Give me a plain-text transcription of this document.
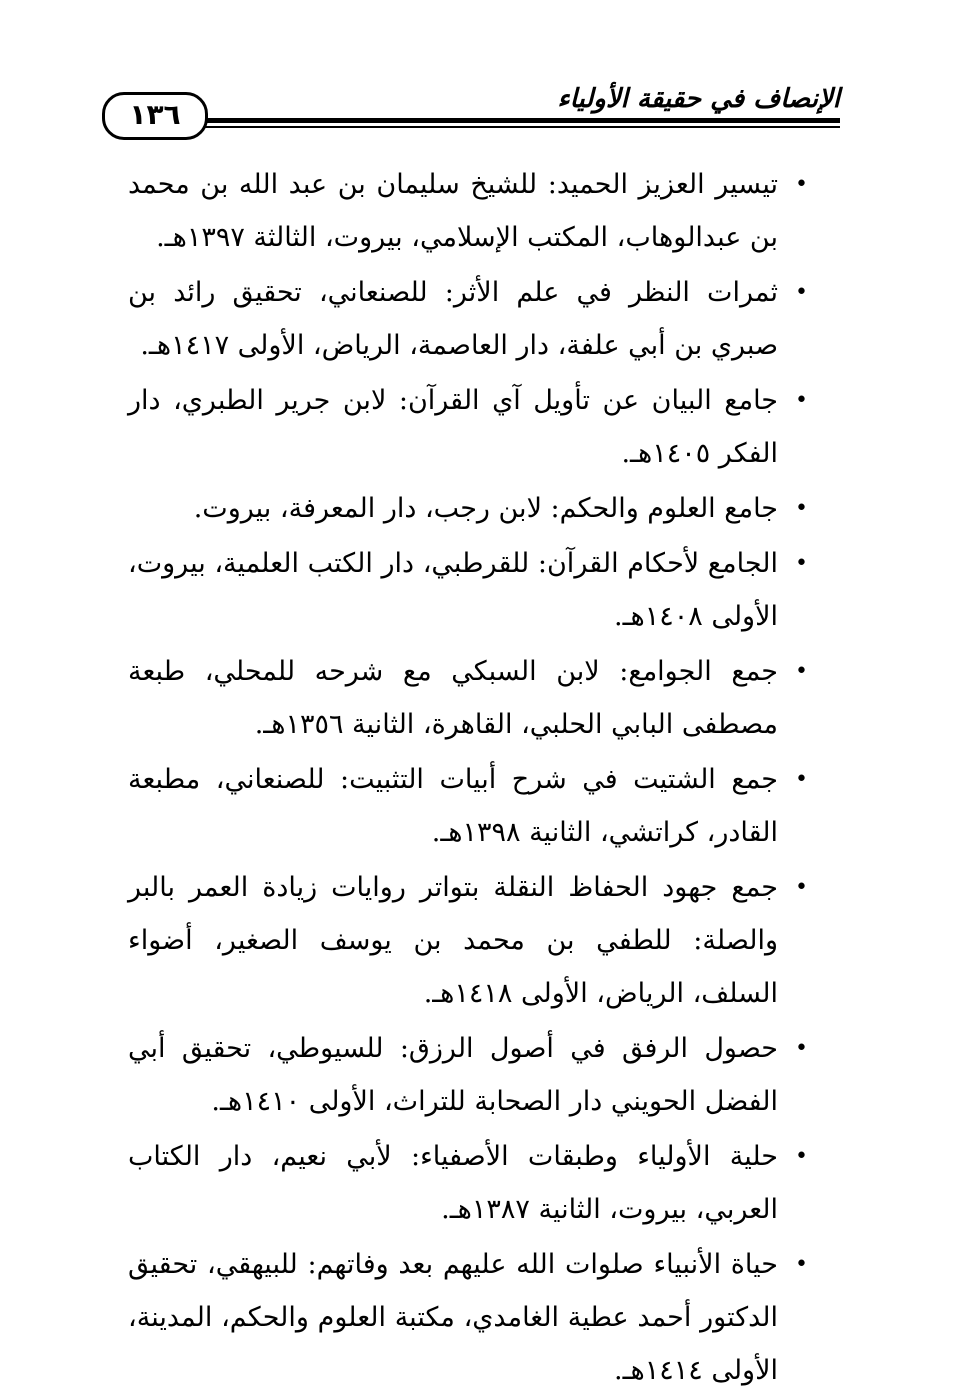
الإنصاف في حقيقة الأولياء
١٣٦
•
تيسير العزيز الحميد: للشيخ سليمان بن عبد الله بن محمد بن عبدالوهاب، المكتب الإسلامي، بيروت، الثالثة ١٣٩٧هـ.
•
ثمرات النظر في علم الأثر: للصنعاني، تحقيق رائد بن صبري بن أبي علفة، دار العاصمة، الرياض، الأولى ١٤١٧هـ.
•
جامع البيان عن تأويل آي القرآن: لابن جرير الطبري، دار الفكر ١٤٠٥هـ.
•
جامع العلوم والحكم: لابن رجب، دار المعرفة، بيروت.
•
الجامع لأحكام القرآن: للقرطبي، دار الكتب العلمية، بيروت، الأولى ١٤٠٨هـ.
•
جمع الجوامع: لابن السبكي مع شرحه للمحلي، طبعة مصطفى البابي الحلبي، القاهرة، الثانية ١٣٥٦هـ.
•
جمع الشتيت في شرح أبيات التثبيت: للصنعاني، مطبعة القادر، كراتشي، الثانية ١٣٩٨هـ.
•
جمع جهود الحفاظ النقلة بتواتر روايات زيادة العمر بالبر والصلة: للطفي بن محمد بن يوسف الصغير، أضواء السلف، الرياض، الأولى ١٤١٨هـ.
•
حصول الرفق في أصول الرزق: للسيوطي، تحقيق أبي الفضل الحويني دار الصحابة للتراث، الأولى ١٤١٠هـ.
•
حلية الأولياء وطبقات الأصفياء: لأبي نعيم، دار الكتاب العربي، بيروت، الثانية ١٣٨٧هـ.
•
حياة الأنبياء صلوات الله عليهم بعد وفاتهم: للبيهقي، تحقيق الدكتور أحمد عطية الغامدي، مكتبة العلوم والحكم، المدينة، الأولى ١٤١٤هـ.
